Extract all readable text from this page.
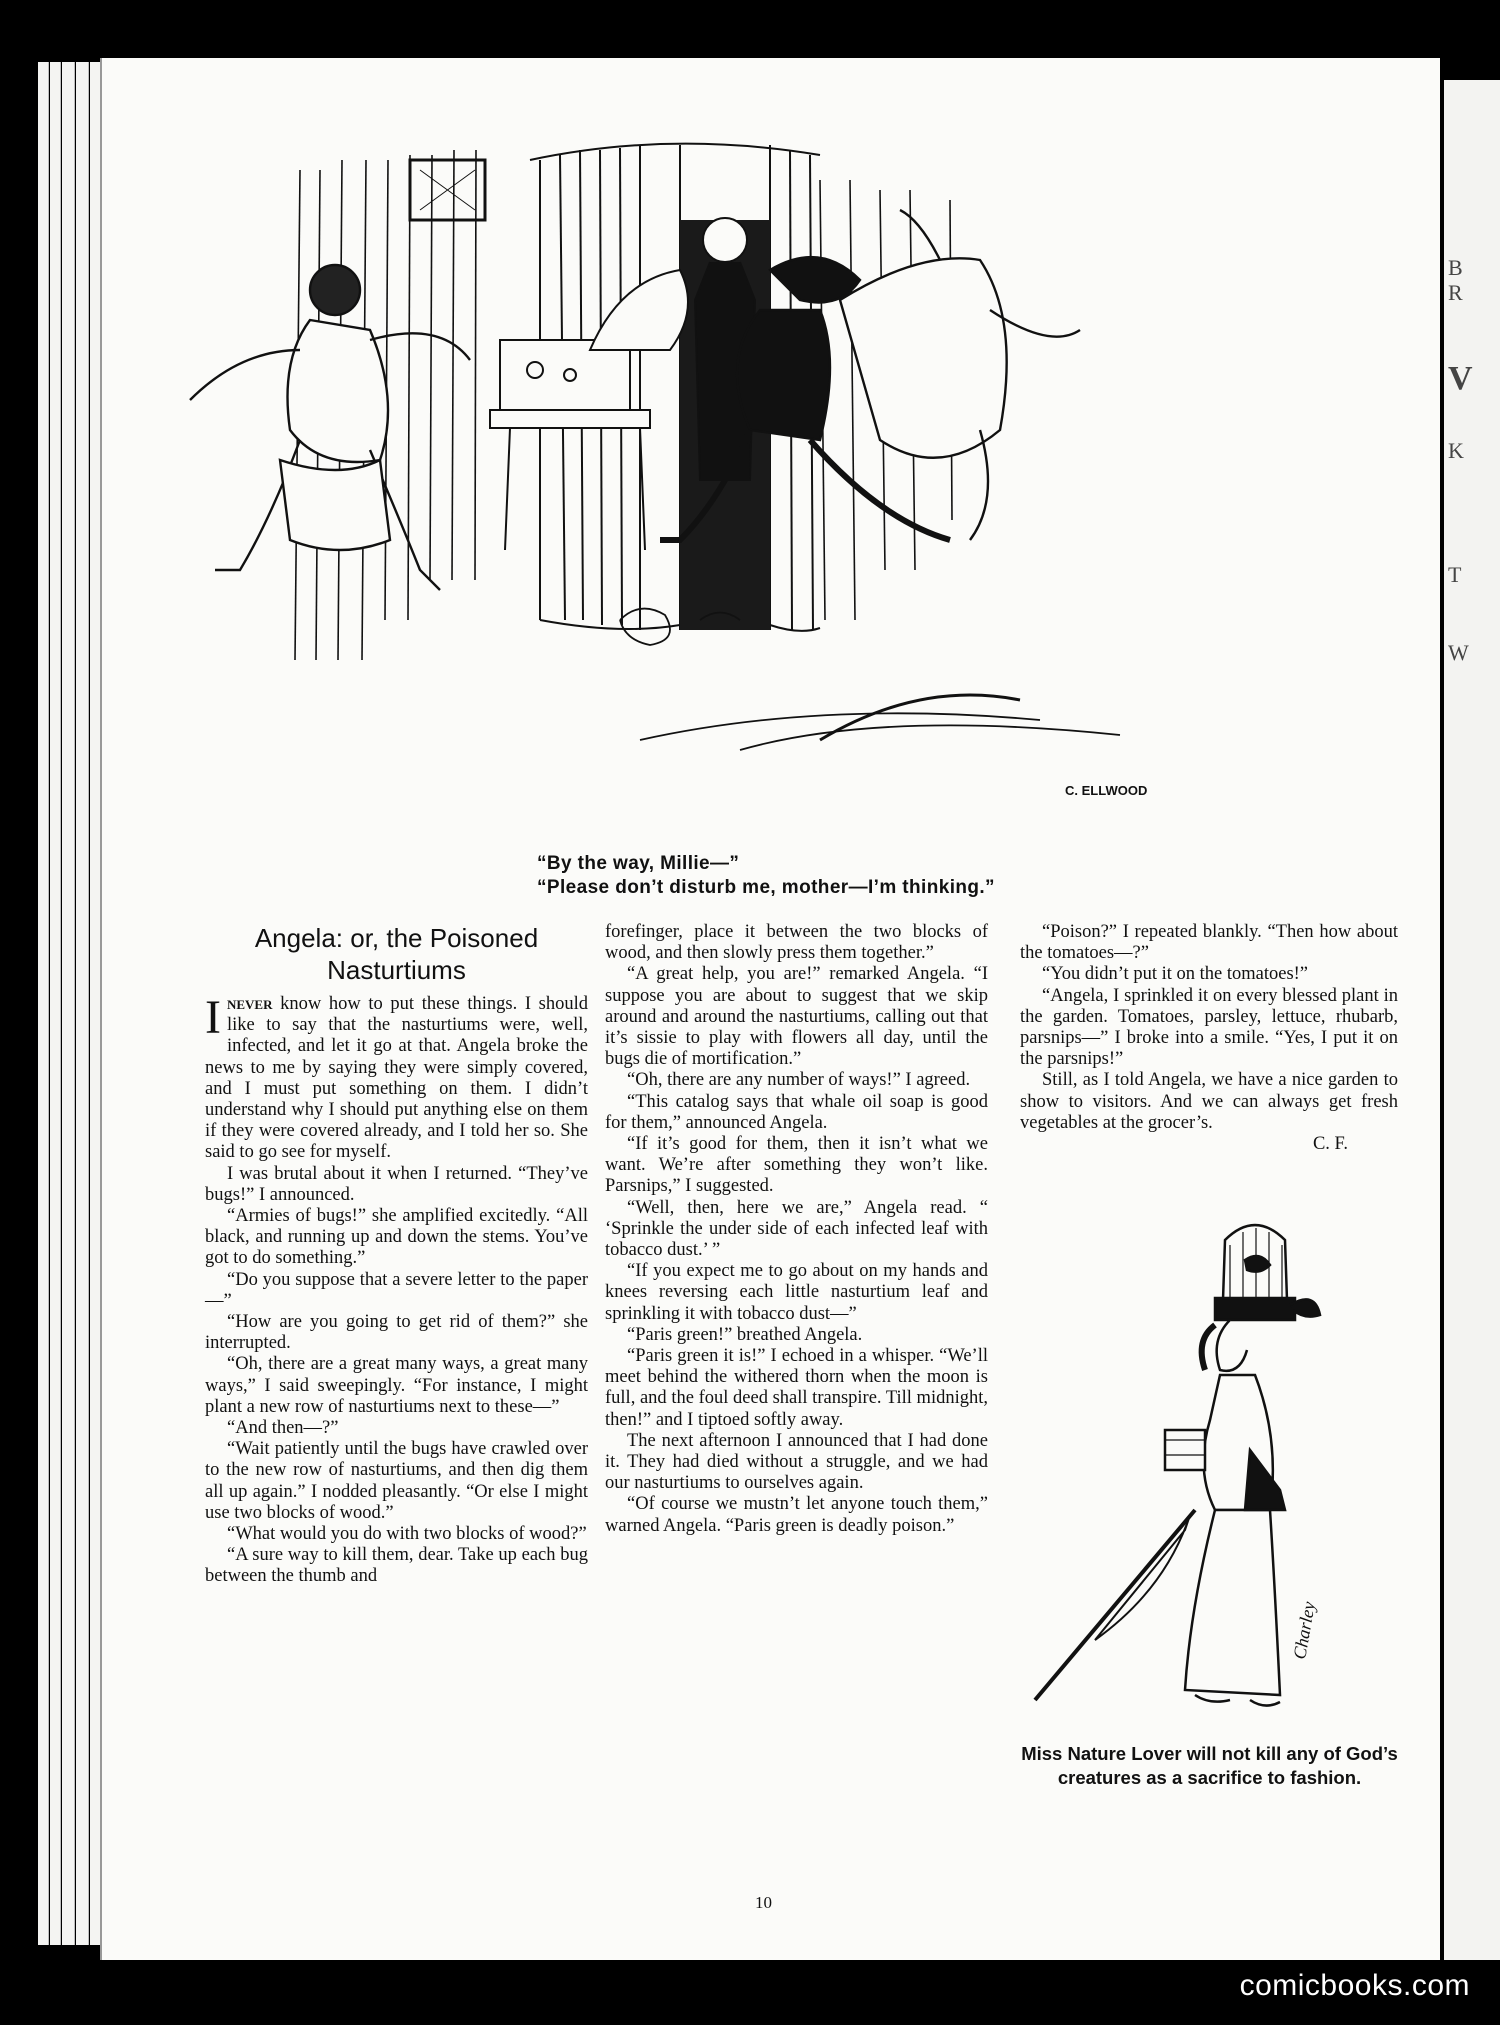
B
R
V
K
T
W
C. ELLWOOD
“By the way, Millie—”
“Please don’t disturb me, mother—I’m thinking.”
Angela: or, the Poisoned Nasturtiums

Inever know how to put these things. I should like to say that the nasturtiums were, well, infected, and let it go at that. Angela broke the news to me by saying they were simply covered, and I must put something on them. I didn’t understand why I should put anything else on them if they were covered already, and I told her so. She said to go see for myself.

I was brutal about it when I returned. “They’ve bugs!” I announced.

“Armies of bugs!” she amplified excitedly. “All black, and running up and down the stems. You’ve got to do something.”

“Do you suppose that a severe letter to the paper—”

“How are you going to get rid of them?” she interrupted.

“Oh, there are a great many ways, a great many ways,” I said sweepingly. “For instance, I might plant a new row of nasturtiums next to these—”

“And then—?”

“Wait patiently until the bugs have crawled over to the new row of nasturtiums, and then dig them all up again.” I nodded pleasantly. “Or else I might use two blocks of wood.”

“What would you do with two blocks of wood?”

“A sure way to kill them, dear. Take up each bug between the thumb and

forefinger, place it between the two blocks of wood, and then slowly press them together.”

“A great help, you are!” remarked Angela. “I suppose you are about to suggest that we skip around and around the nasturtiums, calling out that it’s sissie to play with flowers all day, until the bugs die of mortification.”

“Oh, there are any number of ways!” I agreed.

“This catalog says that whale oil soap is good for them,” announced Angela.

“If it’s good for them, then it isn’t what we want. We’re after something they won’t like. Parsnips,” I suggested.

“Well, then, here we are,” Angela read. “ ‘Sprinkle the under side of each infected leaf with tobacco dust.’ ”

“If you expect me to go about on my hands and knees reversing each little nasturtium leaf and sprinkling it with tobacco dust—”

“Paris green!” breathed Angela.

“Paris green it is!” I echoed in a whisper. “We’ll meet behind the withered thorn when the moon is full, and the foul deed shall transpire. Till midnight, then!” and I tiptoed softly away.

The next afternoon I announced that I had done it. They had died without a struggle, and we had our nasturtiums to ourselves again.

“Of course we mustn’t let anyone touch them,” warned Angela. “Paris green is deadly poison.”

“Poison?” I repeated blankly. “Then how about the tomatoes—?”

“You didn’t put it on the tomatoes!”

“Angela, I sprinkled it on every blessed plant in the garden. Tomatoes, parsley, lettuce, rhubarb, parsnips—” I broke into a smile. “Yes, I put it on the parsnips!”

Still, as I told Angela, we have a nice garden to show to visitors. And we can always get fresh vegetables at the grocer’s.

C. F.

Charley
Miss Nature Lover will not kill any of God’s creatures as a sacrifice to fashion.
10
comicbooks.com
